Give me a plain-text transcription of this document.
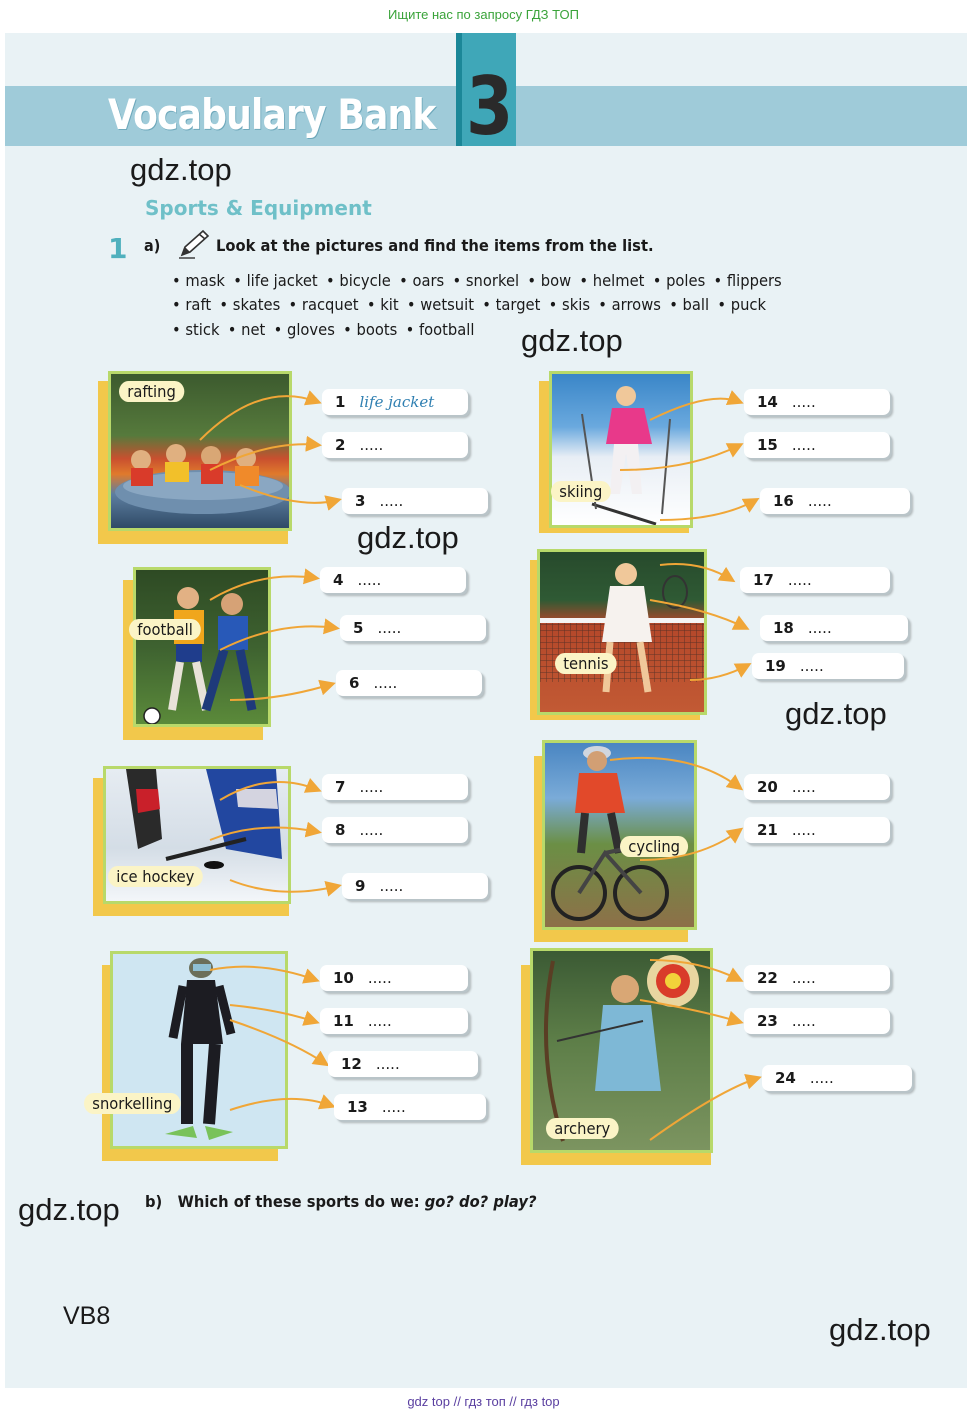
Ищите нас по запросу ГДЗ ТОП
Vocabulary Bank 3
gdz.top
gdz.top
gdz.top
gdz.top
gdz.top
gdz.top
Sports & Equipment
1 a)	Look at the pictures and find the items from the list.
• mask • life jacket • bicycle • oars • snorkel • bow • helmet • poles • flippers
• raft • skates • racquet • kit • wetsuit • target • skis • arrows • ball • puck
• stick • net • gloves • boots • football
rafting
skiing
football
tennis
ice hockey
cycling
snorkelling
archery
1 life jacket
2 .....
3 .....
4 .....
5 .....
6 .....
7 .....
8 .....
9 .....
10 .....
11 .....
12 .....
13 .....
14 .....
15 .....
16 .....
17 .....
18 .....
19 .....
20 .....
21 .....
22 .....
23 .....
24 .....
b) Which of these sports do we: go? do? play?
VB8
gdz top // гдз топ // гдз top
